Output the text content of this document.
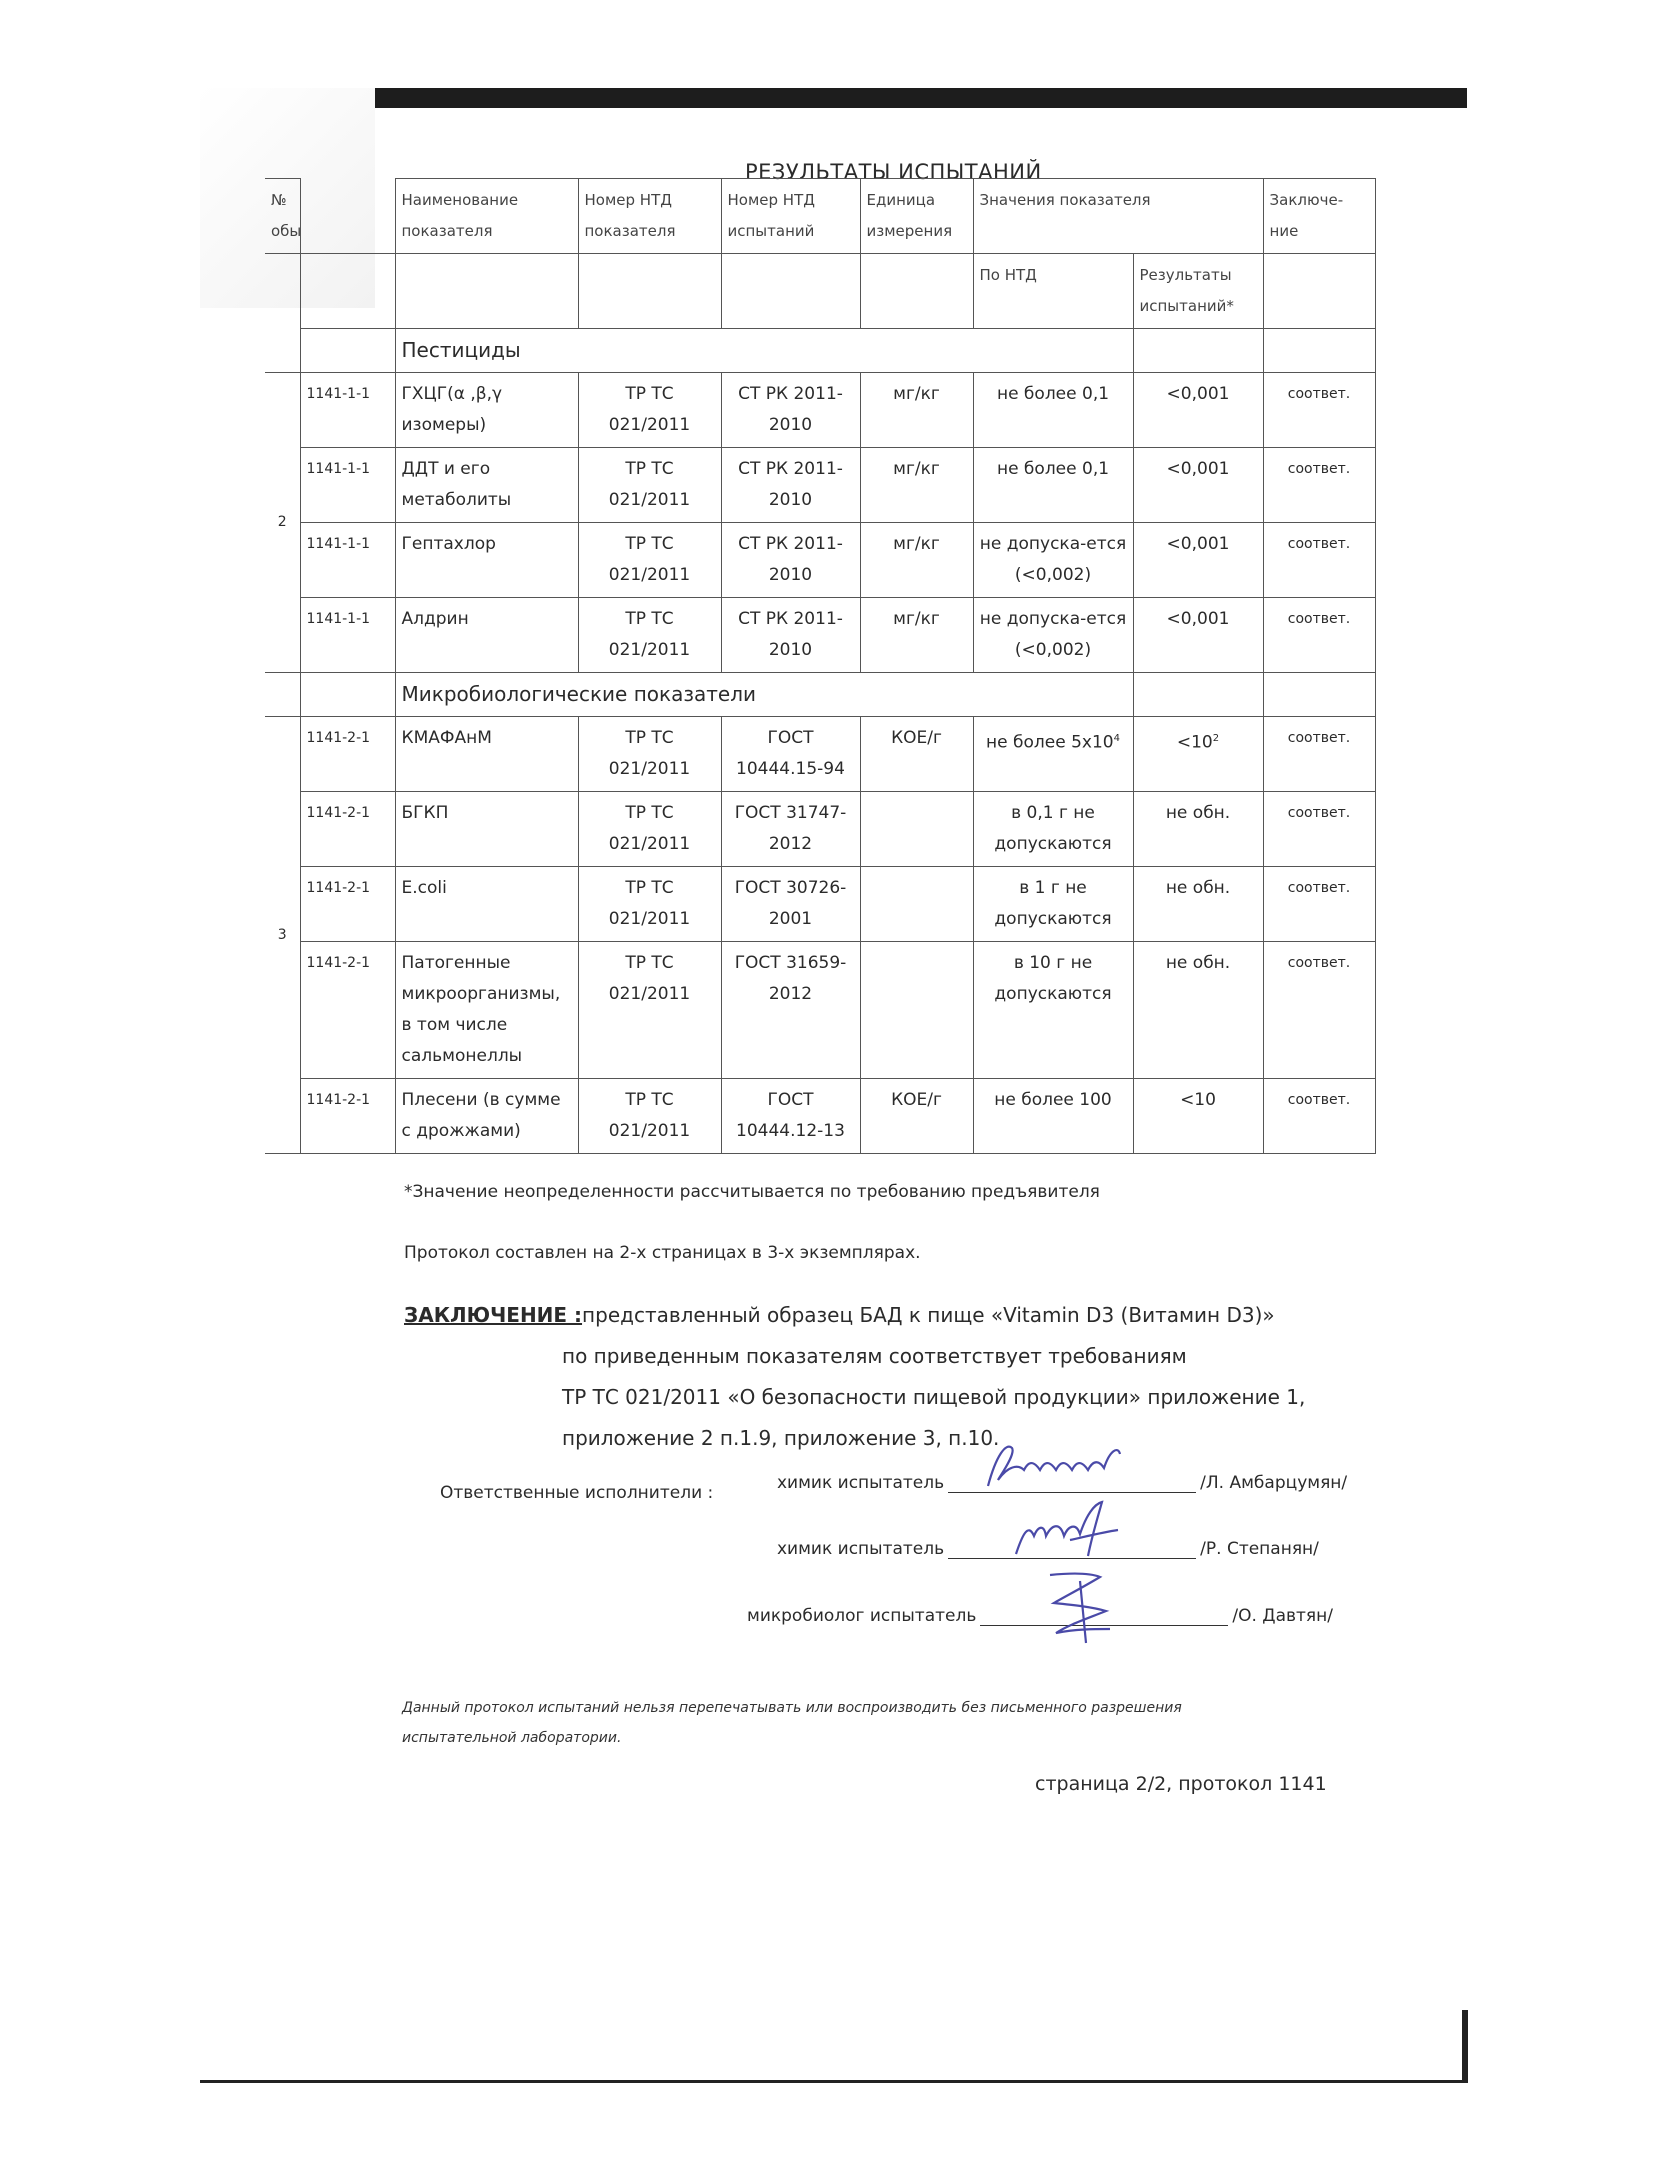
РЕЗУЛЬТАТЫ ИСПЫТАНИЙ
№
обы		Наименование показателя	Номер НТД показателя	Номер НТД испытаний	Единица измерения	Значения показателя		Заключе-ние
						По НТД	Результаты испытаний*	
		Пестициды						
2	1141-1-1	ГХЦГ(α ,β,γ изомеры)	ТР ТС 021/2011	СТ РК 2011-2010	мг/кг	не более 0,1	<0,001	соответ.
	1141-1-1	ДДТ и его метаболиты	ТР ТС 021/2011	СТ РК 2011-2010	мг/кг	не более 0,1	<0,001	соответ.
	1141-1-1	Гептахлор	ТР ТС 021/2011	СТ РК 2011-2010	мг/кг	не допуска-ется (<0,002)	<0,001	соответ.
	1141-1-1	Алдрин	ТР ТС 021/2011	СТ РК 2011-2010	мг/кг	не допуска-ется (<0,002)	<0,001	соответ.
		Микробиологические показатели						
3	1141-2-1	КМАФАнМ	ТР ТС 021/2011	ГОСТ 10444.15-94	КОЕ/г	не более $5x10^4$	$<10^2$	соответ.
	1141-2-1	БГКП	ТР ТС 021/2011	ГОСТ 31747-2012		в 0,1 г не допускаются	не обн.	соответ.
	1141-2-1	E.coli	ТР ТС 021/2011	ГОСТ 30726-2001		в 1 г не допускаются	не обн.	соответ.
	1141-2-1	Патогенные микроорганизмы, в том числе сальмонеллы	ТР ТС 021/2011	ГОСТ 31659-2012		в 10 г не допускаются	не обн.	соответ.
	1141-2-1	Плесени (в сумме с дрожжами)	ТР ТС 021/2011	ГОСТ 10444.12-13	КОЕ/г	не более 100	<10	соответ.
*Значение неопределенности рассчитывается по требованию предъявителя
Протокол составлен на 2-х страницах в 3-х экземплярах.
ЗАКЛЮЧЕНИЕ :представленный образец БАД к пище «Vitamin D3 (Витамин D3)»
по приведенным показателям соответствует требованиям
ТР ТС 021/2011 «О безопасности пищевой продукции» приложение 1,
приложение 2 п.1.9, приложение 3, п.10.
Ответственные исполнители :	химик испытатель	/Л. Амбарцумян/
химик испытатель	/Р. Степанян/
микробиолог испытатель	/О. Давтян/
Данный протокол испытаний нельзя перепечатывать или воспроизводить без письменного разрешения испытательной лаборатории.
страница 2/2, протокол 1141
